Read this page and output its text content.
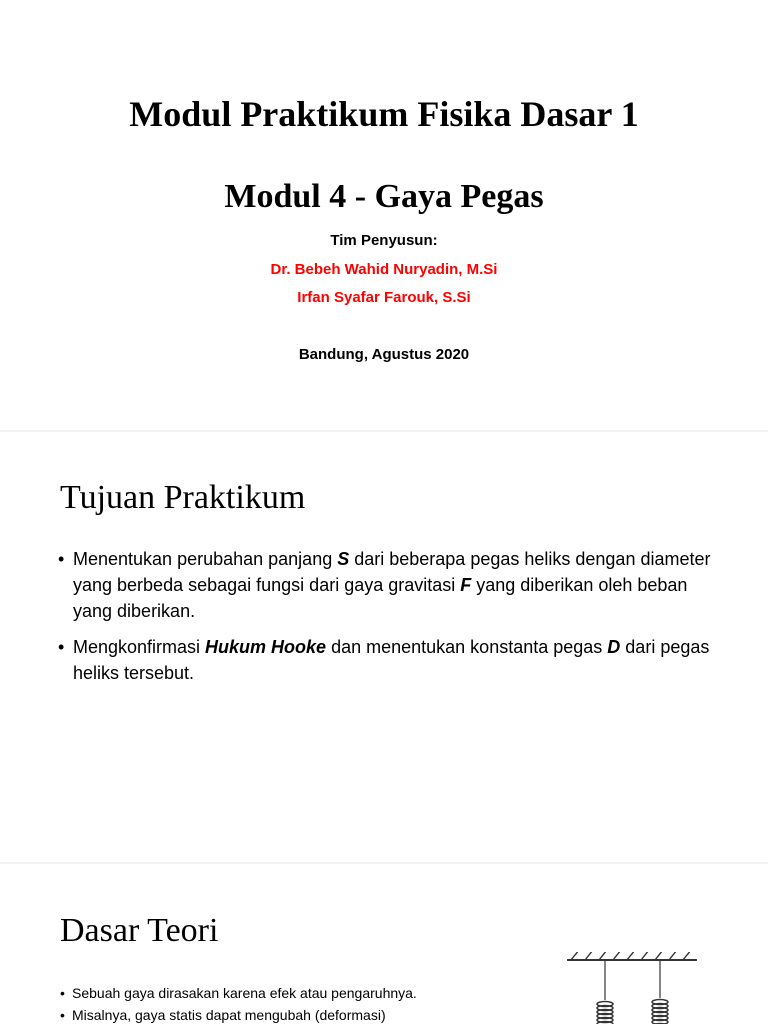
Modul Praktikum Fisika Dasar 1
Modul 4 - Gaya Pegas
Tim Penyusun:
Dr. Bebeh Wahid Nuryadin, M.Si
Irfan Syafar Farouk, S.Si
Bandung, Agustus 2020
Tujuan Praktikum
• Menentukan perubahan panjang S dari beberapa pegas heliks dengan diameter yang berbeda sebagai fungsi dari gaya gravitasi F yang diberikan oleh beban yang diberikan.
• Mengkonfirmasi Hukum Hooke dan menentukan konstanta pegas D dari pegas heliks tersebut.
Dasar Teori
• Sebuah gaya dirasakan karena efek atau pengaruhnya.
• Misalnya, gaya statis dapat mengubah (deformasi)
